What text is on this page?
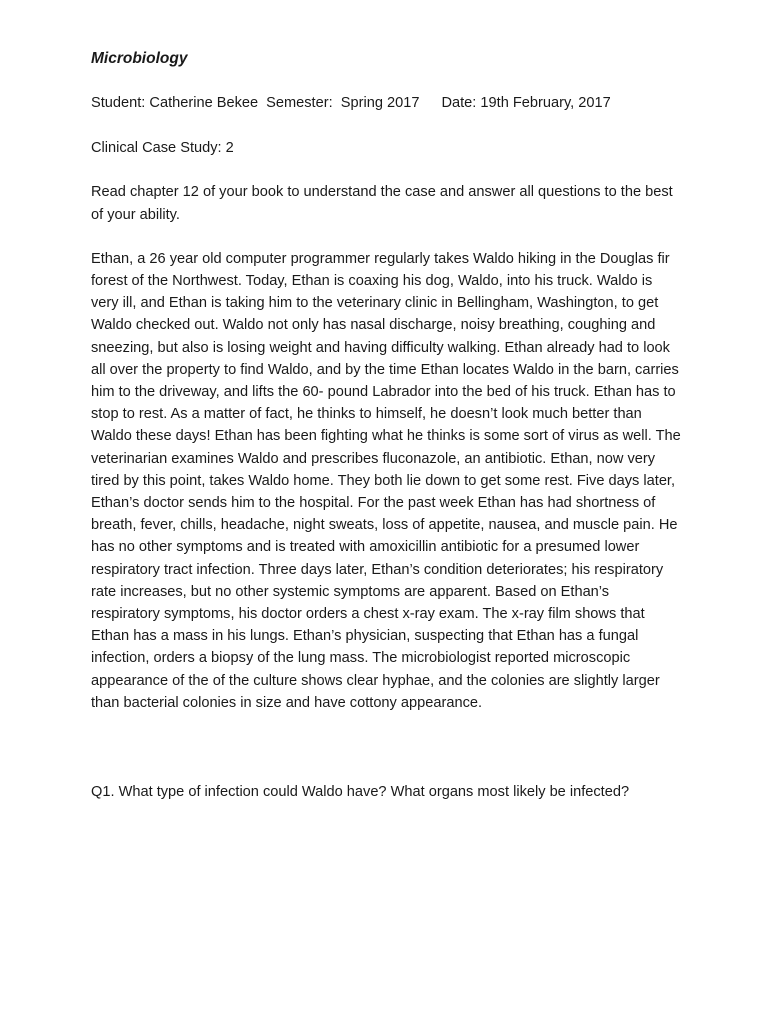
Microbiology
Student: Catherine Bekee Semester:  Spring 2017 Date: 19th February, 2017
Clinical Case Study: 2
Read chapter 12 of your book to understand the case and answer all questions to the best of your ability.
Ethan, a 26 year old computer programmer regularly takes Waldo hiking in the Douglas fir forest of the Northwest. Today, Ethan is coaxing his dog, Waldo, into his truck. Waldo is very ill, and Ethan is taking him to the veterinary clinic in Bellingham, Washington, to get Waldo checked out. Waldo not only has nasal discharge, noisy breathing, coughing and sneezing, but also is losing weight and having difficulty walking. Ethan already had to look all over the property to find Waldo, and by the time Ethan locates Waldo in the barn, carries him to the driveway, and lifts the 60- pound Labrador into the bed of his truck. Ethan has to stop to rest. As a matter of fact, he thinks to himself, he doesn’t look much better than Waldo these days! Ethan has been fighting what he thinks is some sort of virus as well. The veterinarian examines Waldo and prescribes fluconazole, an antibiotic. Ethan, now very tired by this point, takes Waldo home. They both lie down to get some rest. Five days later, Ethan’s doctor sends him to the hospital. For the past week Ethan has had shortness of breath, fever, chills, headache, night sweats, loss of appetite, nausea, and muscle pain. He has no other symptoms and is treated with amoxicillin antibiotic for a presumed lower respiratory tract infection. Three days later, Ethan’s condition deteriorates; his respiratory rate increases, but no other systemic symptoms are apparent. Based on Ethan’s respiratory symptoms, his doctor orders a chest x-ray exam. The x-ray film shows that Ethan has a mass in his lungs. Ethan’s physician, suspecting that Ethan has a fungal infection, orders a biopsy of the lung mass. The microbiologist reported microscopic appearance of the of the culture shows clear hyphae, and the colonies are slightly larger than bacterial colonies in size and have cottony appearance.
Q1. What type of infection could Waldo have? What organs most likely be infected?
